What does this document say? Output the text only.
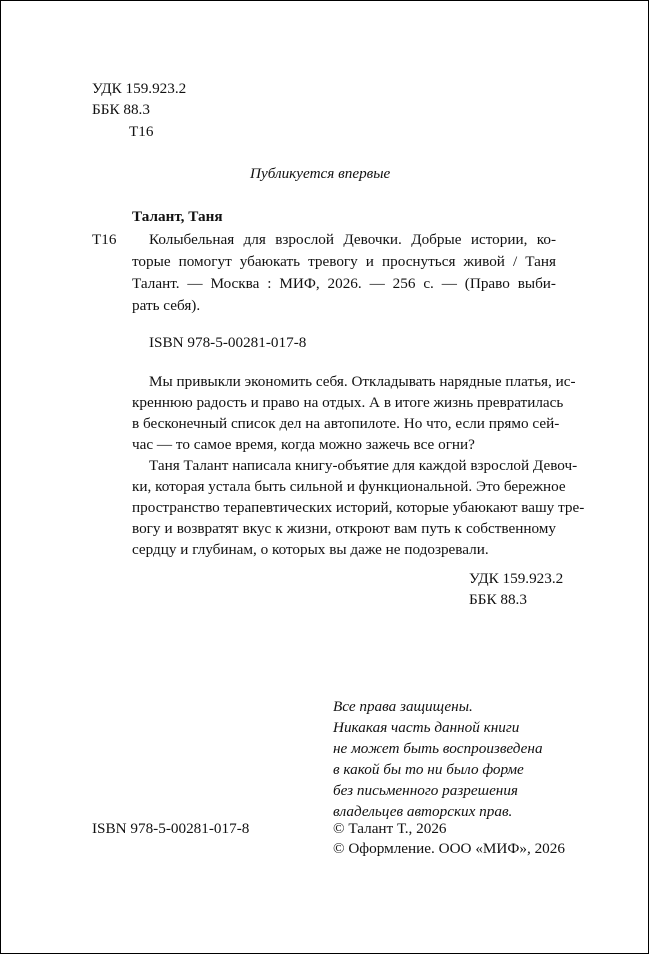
УДК 159.923.2
ББК 88.3
Т16
Публикуется впервые
Талант, Таня
Т16 Колыбельная для взрослой Девочки. Добрые истории, ко-
торые помогут убаюкать тревогу и проснуться живой / Таня
Талант. — Москва : МИФ, 2026. — 256 с. — (Право выби-
рать себя).
ISBN 978-5-00281-017-8
Мы привыкли экономить себя. Откладывать нарядные платья, ис-
креннюю радость и право на отдых. А в итоге жизнь превратилась
в бесконечный список дел на автопилоте. Но что, если прямо сей-
час — то самое время, когда можно зажечь все огни?
Таня Талант написала книгу-объятие для каждой взрослой Девоч-
ки, которая устала быть сильной и функциональной. Это бережное
пространство терапевтических историй, которые убаюкают вашу тре-
вогу и возвратят вкус к жизни, откроют вам путь к собственному
сердцу и глубинам, о которых вы даже не подозревали.
УДК 159.923.2
ББК 88.3
Все права защищены.
Никакая часть данной книги
не может быть воспроизведена
в какой бы то ни было форме
без письменного разрешения
владельцев авторских прав.
ISBN 978-5-00281-017-8	© Талант Т., 2026
© Оформление. ООО «МИФ», 2026
